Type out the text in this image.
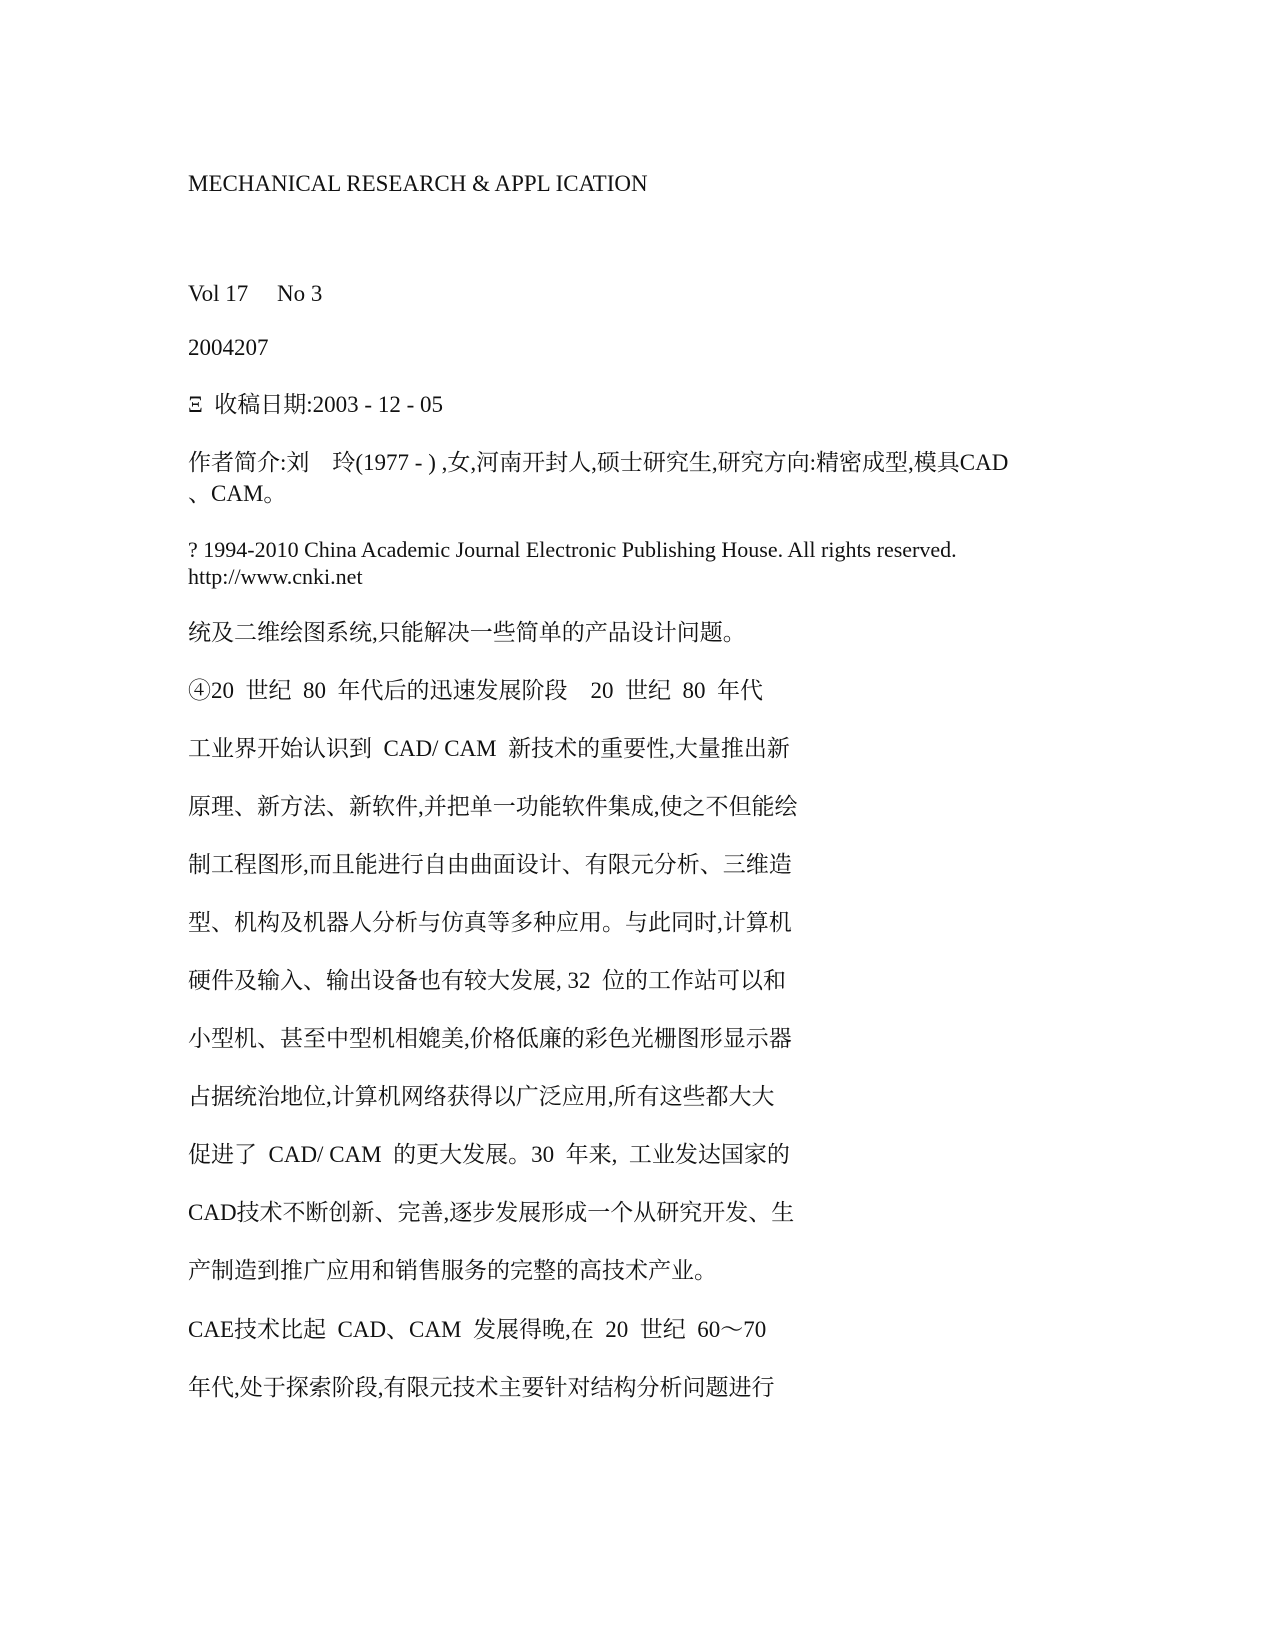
MECHANICAL RESEARCH & APPL ICATION
Vol 17     No 3
2004207
Ξ  收稿日期:2003 - 12 - 05
作者简介:刘    玲(1977 - ) ,女,河南开封人,硕士研究生,研究方向:精密成型,模具CAD
、CAM。
? 1994-2010 China Academic Journal Electronic Publishing House. All rights reserved.
http://www.cnki.net
统及二维绘图系统,只能解决一些简单的产品设计问题。
④20  世纪  80  年代后的迅速发展阶段    20  世纪  80  年代
工业界开始认识到  CAD/ CAM  新技术的重要性,大量推出新
原理、新方法、新软件,并把单一功能软件集成,使之不但能绘
制工程图形,而且能进行自由曲面设计、有限元分析、三维造
型、机构及机器人分析与仿真等多种应用。与此同时,计算机
硬件及输入、输出设备也有较大发展, 32  位的工作站可以和
小型机、甚至中型机相媲美,价格低廉的彩色光栅图形显示器
占据统治地位,计算机网络获得以广泛应用,所有这些都大大
促进了  CAD/ CAM  的更大发展。30  年来,  工业发达国家的
CAD技术不断创新、完善,逐步发展形成一个从研究开发、生
产制造到推广应用和销售服务的完整的高技术产业。
CAE技术比起  CAD、CAM  发展得晚,在  20  世纪  60～70
年代,处于探索阶段,有限元技术主要针对结构分析问题进行
